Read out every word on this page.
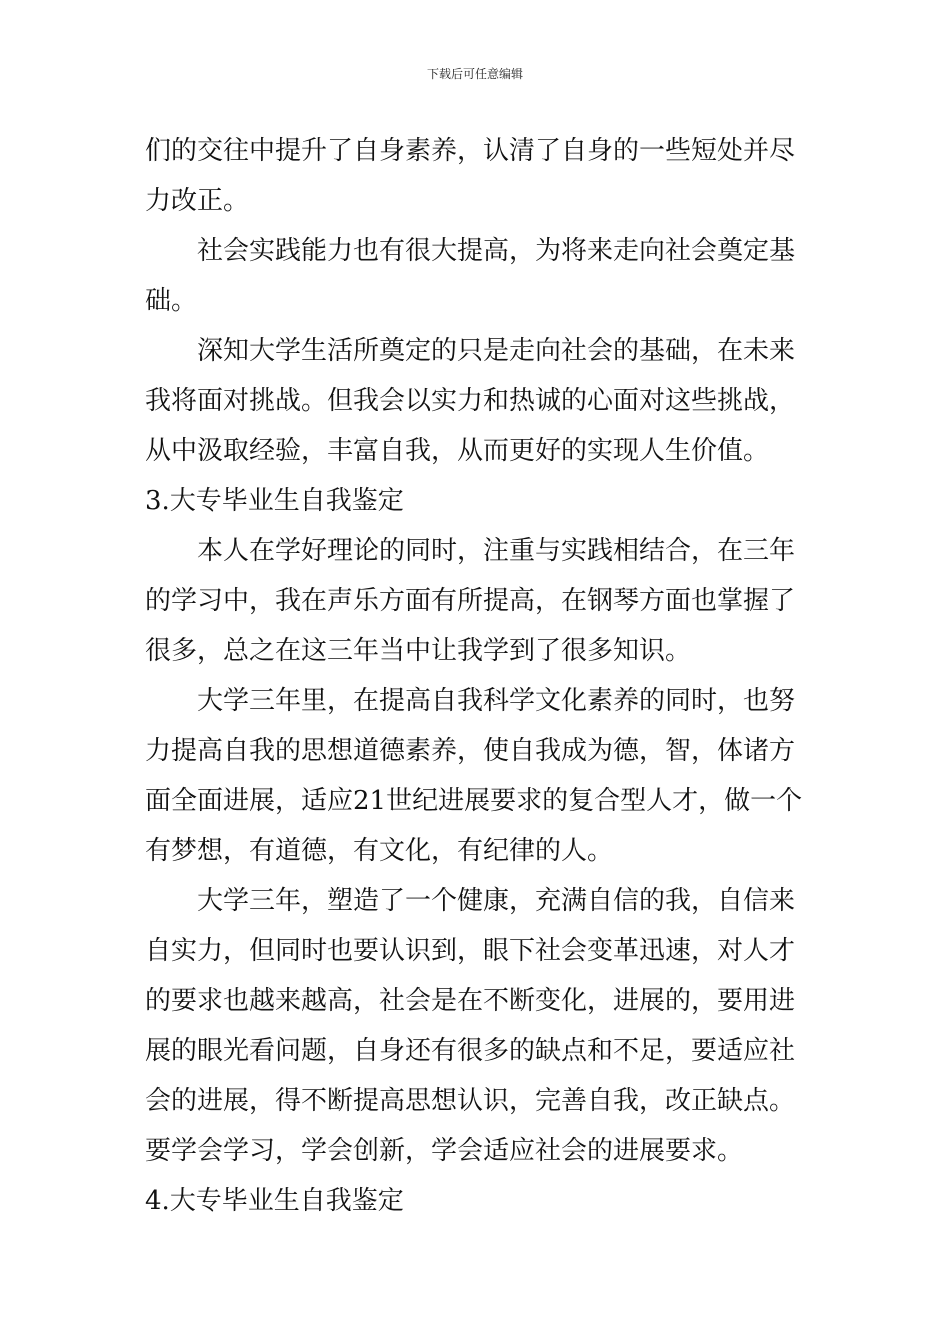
下载后可任意编辑
们的交往中提升了自身素养，认清了自身的一些短处并尽
力改正。
社会实践能力也有很大提高，为将来走向社会奠定基
础。
深知大学生活所奠定的只是走向社会的基础，在未来
我将面对挑战。但我会以实力和热诚的心面对这些挑战，
从中汲取经验，丰富自我，从而更好的实现人生价值。
3.大专毕业生自我鉴定
本人在学好理论的同时，注重与实践相结合，在三年
的学习中，我在声乐方面有所提高，在钢琴方面也掌握了
很多，总之在这三年当中让我学到了很多知识。
大学三年里，在提高自我科学文化素养的同时，也努
力提高自我的思想道德素养，使自我成为德，智，体诸方
面全面进展，适应21世纪进展要求的复合型人才，做一个
有梦想，有道德，有文化，有纪律的人。
大学三年，塑造了一个健康，充满自信的我，自信来
自实力，但同时也要认识到，眼下社会变革迅速，对人才
的要求也越来越高，社会是在不断变化，进展的，要用进
展的眼光看问题，自身还有很多的缺点和不足，要适应社
会的进展，得不断提高思想认识，完善自我，改正缺点。
要学会学习，学会创新，学会适应社会的进展要求。
4.大专毕业生自我鉴定
